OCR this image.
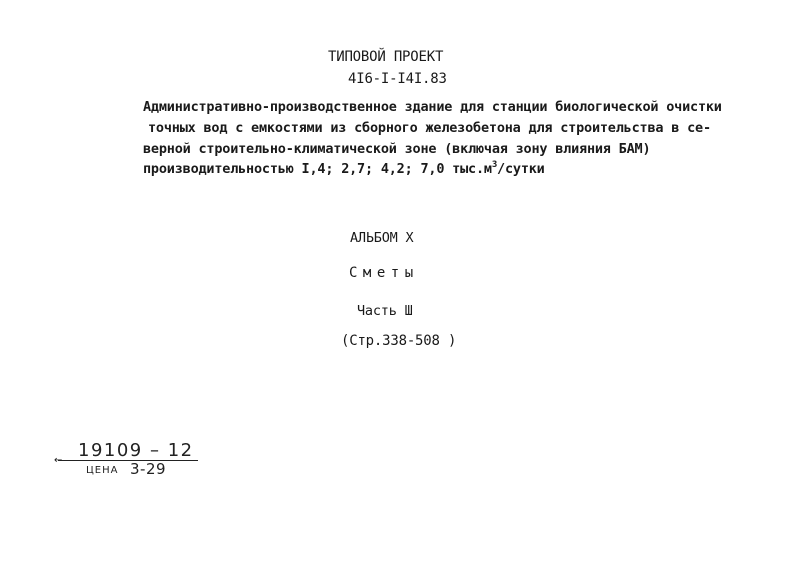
ТИПОВОЙ ПРОЕКТ
4I6-I-I4I.83
Административно-производственное здание для станции биологической очистки
точных вод с емкостями из сборного железобетона для строительства в се-
верной строительно-климатической зоне (включая зону влияния БАМ)
производительностью I,4; 2,7; 4,2; 7,0 $тыс.м^3$/сутки
АЛЬБОМ Х
Сметы
Часть Ш
(Стр.338-508 )
19109 – 12
←
ЦЕНА 3-29
